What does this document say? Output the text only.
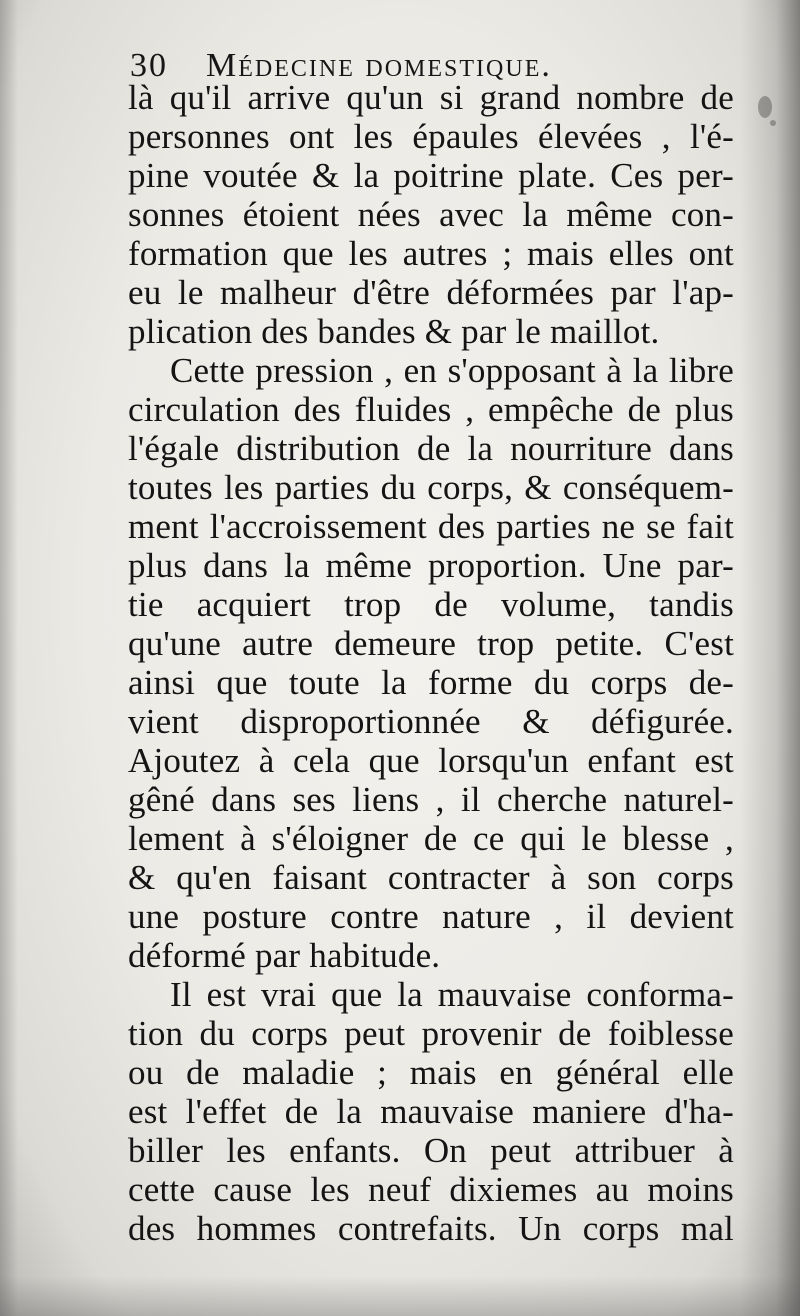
30 Médecine domestique.
là qu'il arrive qu'un si grand nombre de
personnes ont les épaules élevées , l'é-
pine voutée & la poitrine plate. Ces per-
sonnes étoient nées avec la même con-
formation que les autres ; mais elles ont
eu le malheur d'être déformées par l'ap-
plication des bandes & par le maillot.
Cette pression , en s'opposant à la libre
circulation des fluides , empêche de plus
l'égale distribution de la nourriture dans
toutes les parties du corps, & conséquem-
ment l'accroissement des parties ne se fait
plus dans la même proportion. Une par-
tie acquiert trop de volume, tandis
qu'une autre demeure trop petite. C'est
ainsi que toute la forme du corps de-
vient disproportionnée & défigurée.
Ajoutez à cela que lorsqu'un enfant est
gêné dans ses liens , il cherche naturel-
lement à s'éloigner de ce qui le blesse ,
& qu'en faisant contracter à son corps
une posture contre nature , il devient
déformé par habitude.
Il est vrai que la mauvaise conforma-
tion du corps peut provenir de foiblesse
ou de maladie ; mais en général elle
est l'effet de la mauvaise maniere d'ha-
biller les enfants. On peut attribuer à
cette cause les neuf dixiemes au moins
des hommes contrefaits. Un corps mal
